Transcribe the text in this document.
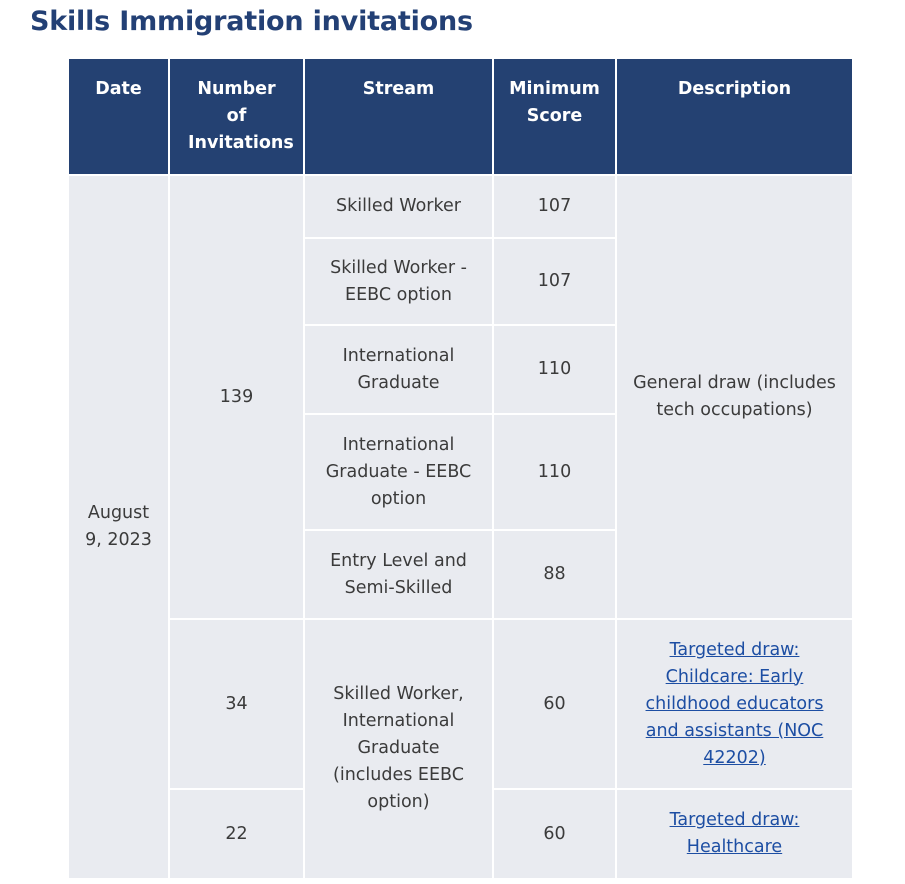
Skills Immigration invitations
Date	Number of Invitations	Stream	Minimum Score	Description
August 9, 2023	139	Skilled Worker	107	General draw (includes tech occupations)
		Skilled Worker - EEBC option	107	
		International Graduate	110	
		International Graduate - EEBC option	110	
		Entry Level and Semi-Skilled	88	
	34	Skilled Worker, International Graduate (includes EEBC option)	60	Targeted draw: Childcare: Early childhood educators and assistants (NOC 42202)
	22		60	Targeted draw: Healthcare
